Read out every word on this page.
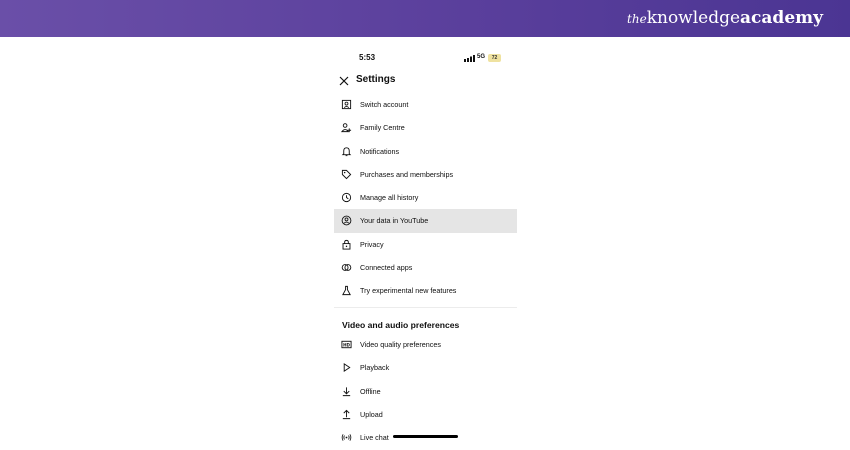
theknowledgeacademy
5:53	5G	72
Settings
Switch account
Family Centre
Notifications
Purchases and memberships
Manage all history
Your data in YouTube
Privacy
Connected apps
Try experimental new features
Video and audio preferences
HD Video quality preferences
Playback
Offline
Upload
Live chat
